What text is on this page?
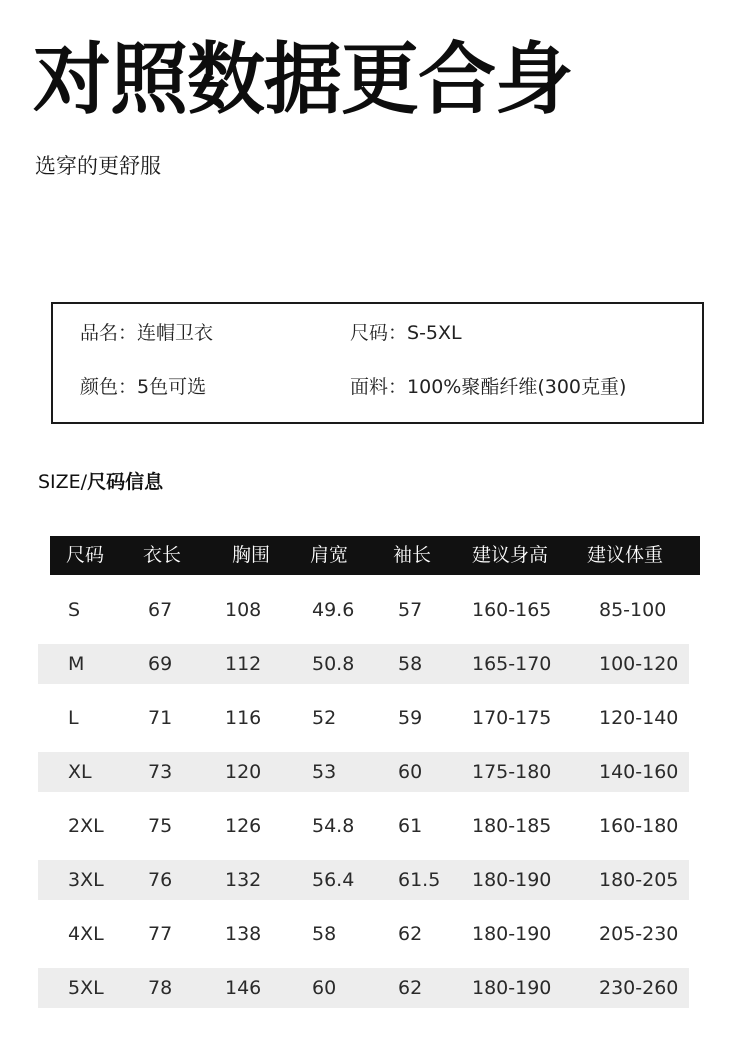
对照数据更合身
选穿的更舒服
品名：连帽卫衣	尺码：S-5XL
颜色：5色可选	面料：100%聚酯纤维(300克重)
SIZE/尺码信息
尺码 衣长	胸围 肩宽 袖长 建议身高 建议体重
S	67	108	49.6 57	160-165	85-100
M	69	112	50.8 58	165-170	100-120
L	71	116	52	59	170-175	120-140
XL	73	120	53	60	175-180	140-160
2XL 75	126	54.8 61	180-185	160-180
3XL 76	132	56.4 61.5 180-190	180-205
4XL 77	138	58	62	180-190	205-230
5XL 78	146	60	62	180-190	230-260
